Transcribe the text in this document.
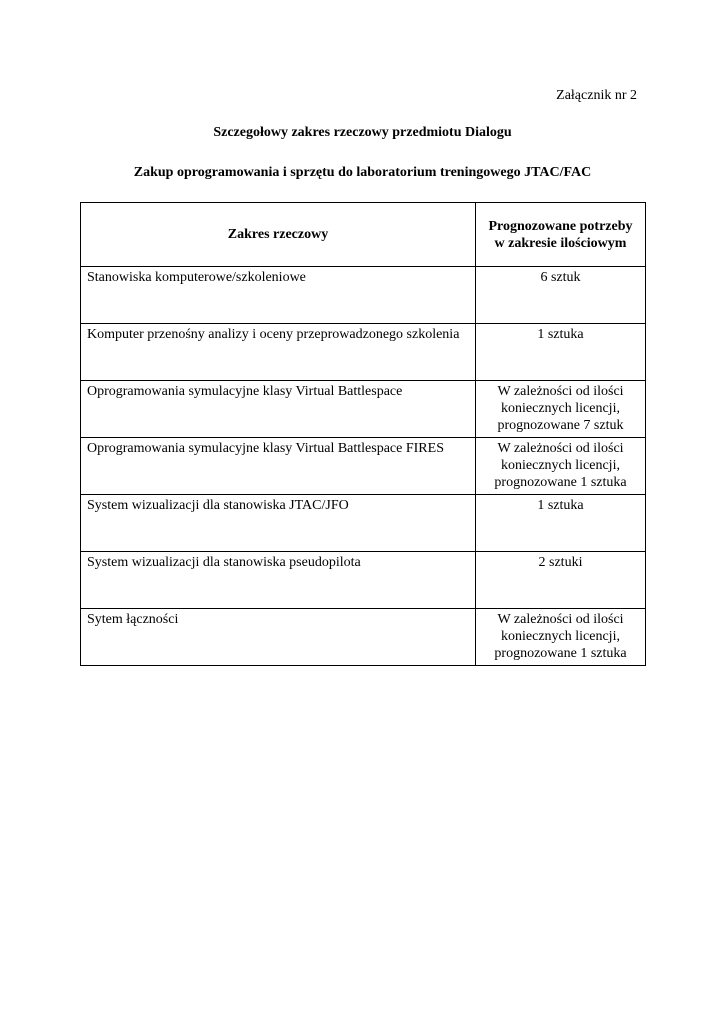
Załącznik nr 2
Szczegołowy zakres rzeczowy przedmiotu Dialogu
Zakup oprogramowania i sprzętu do laboratorium treningowego JTAC/FAC
Zakres rzeczowy	Prognozowane potrzeby
w zakresie ilościowym
Stanowiska komputerowe/szkoleniowe	6 sztuk
Komputer przenośny analizy i oceny przeprowadzonego szkolenia	1 sztuka
Oprogramowania symulacyjne klasy Virtual Battlespace	W zależności od ilości
koniecznych licencji,
prognozowane 7 sztuk
Oprogramowania symulacyjne klasy Virtual Battlespace FIRES	W zależności od ilości
koniecznych licencji,
prognozowane 1 sztuka
System wizualizacji dla stanowiska JTAC/JFO	1 sztuka
System wizualizacji dla stanowiska pseudopilota	2 sztuki
Sytem łączności	W zależności od ilości
koniecznych licencji,
prognozowane 1 sztuka
